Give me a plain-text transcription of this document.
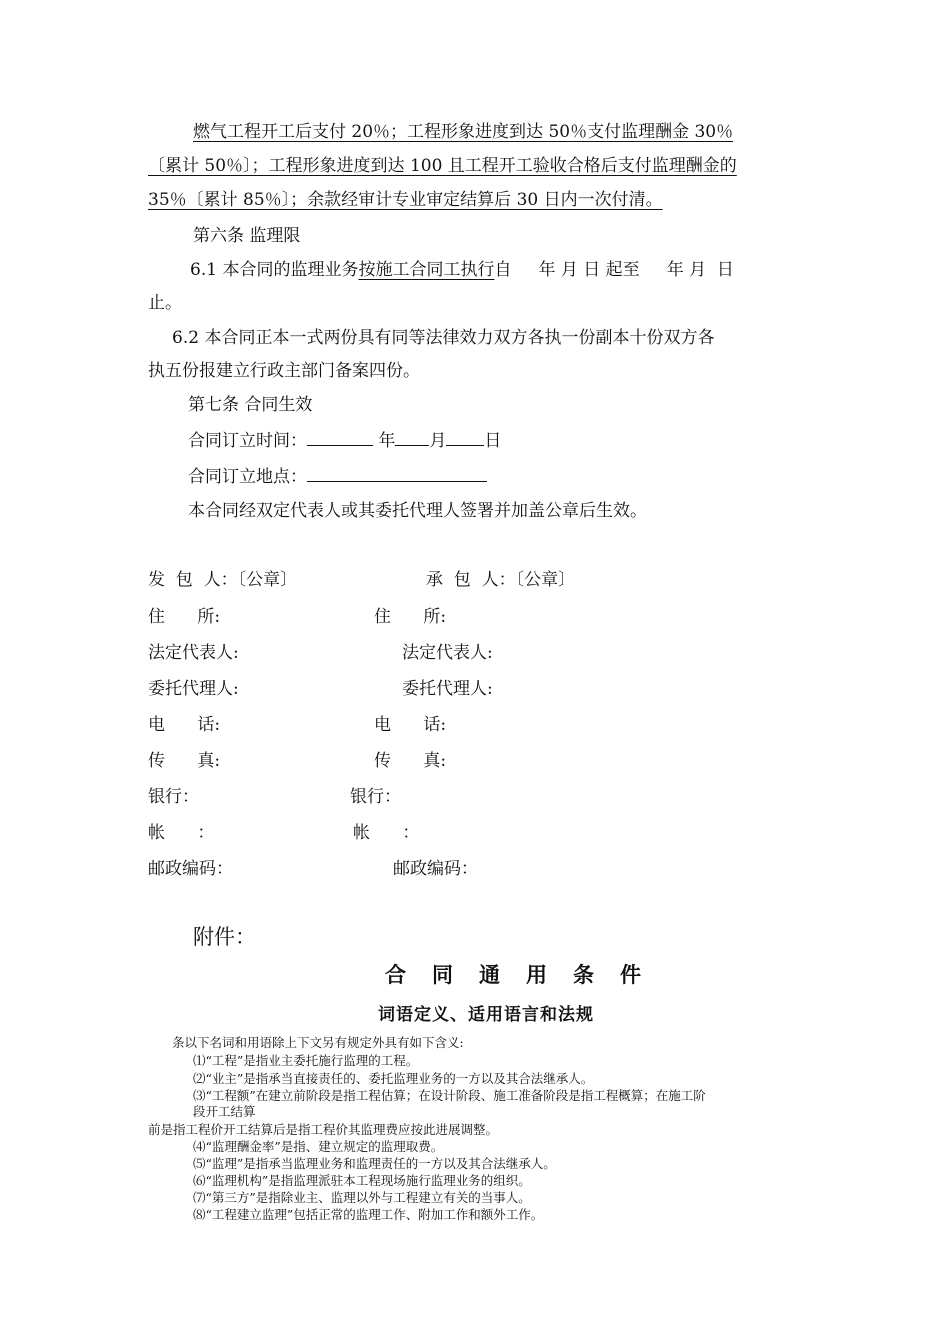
燃气工程开工后支付 20％；工程形象进度到达 50％支付监理酬金 30％
〔累计 50％〕；工程形象进度到达 100 且工程开工验收合格后支付监理酬金的
35％〔累计 85％〕；余款经审计专业审定结算后 30 日内一次付清。
第六条 监理限
6.1 本合同的监理业务按施工合同工执行自     年 月 日 起至     年 月  日
止。
6.2 本合同正本一式两份具有同等法律效力双方各执一份副本十份双方各
执五份报建立行政主部门备案四份。
第七条 合同生效
合同订立时间：	年 月 日
合同订立地点：
本合同经双定代表人或其委托代理人签署并加盖公章后生效。
发  包  人：〔公章〕
住      所:
法定代表人:
委托代理人:
电      话:
传      真:
银行：
帐      ：
邮政编码：
承  包  人：〔公章〕
住      所:
法定代表人:
委托代理人:
电      话:
传      真:
银行：
帐      ：
邮政编码：
附件：
合同通用条件
词语定义、适用语言和法规
条以下名词和用语除上下文另有规定外具有如下含义:
⑴“工程”是指业主委托施行监理的工程。
⑵“业主”是指承当直接责任的、委托监理业务的一方以及其合法继承人。
⑶“工程额”在建立前阶段是指工程估算；在设计阶段、施工准备阶段是指工程概算；在施工阶
段开工结算
前是指工程价开工结算后是指工程价其监理费应按此进展调整。
⑷“监理酬金率”是指、建立规定的监理取费。
⑸“监理”是指承当监理业务和监理责任的一方以及其合法继承人。
⑹“监理机构”是指监理派驻本工程现场施行监理业务的组织。
⑺“第三方”是指除业主、监理以外与工程建立有关的当事人。
⑻“工程建立监理”包括正常的监理工作、附加工作和额外工作。
